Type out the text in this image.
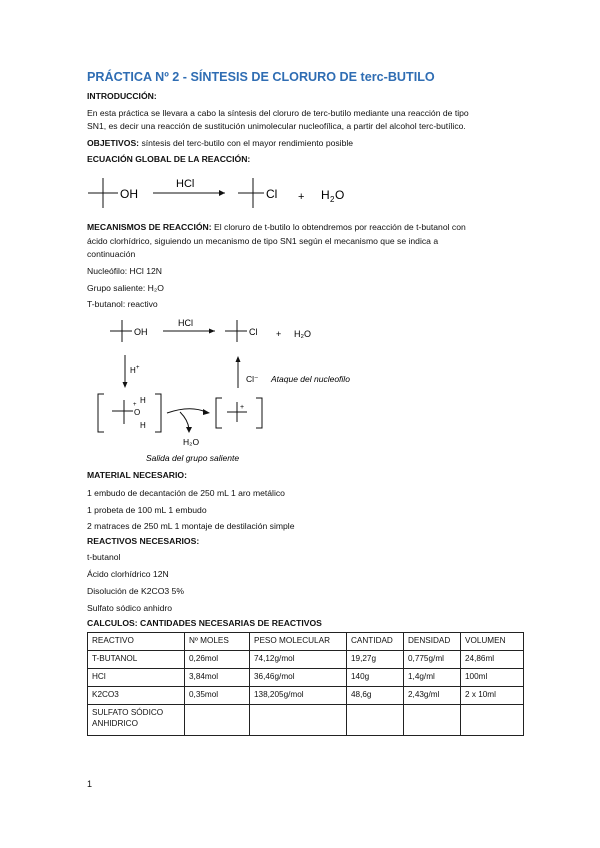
PRÁCTICA Nº 2 - SÍNTESIS DE CLORURO DE terc-BUTILO
INTRODUCCIÓN:
En esta práctica se llevara a cabo la síntesis del cloruro de terc-butilo mediante una reacción de tipo
SN1, es decir una reacción de sustitución unimolecular nucleofílica, a partir del alcohol terc-butílico.
OBJETIVOS: síntesis del terc-butilo con el mayor rendimiento posible
ECUACIÓN GLOBAL DE LA REACCIÓN:
OH
HCl
Cl + H 2 O
OH
HCl
Cl + H₂O
H +
Cl⁻ Ataque del nucleofilo
H
O
+
H
+
H₂O
Salida del grupo saliente
MECANISMOS DE REACCIÓN: El cloruro de t-butilo lo obtendremos por reacción de t-butanol con
ácido clorhídrico, siguiendo un mecanismo de tipo SN1 según el mecanismo que se indica a
continuación
Nucleófilo: HCl 12N
Grupo saliente: H₂O
T-butanol: reactivo
MATERIAL NECESARIO:
1 embudo de decantación de 250 mL 1 aro metálico
1 probeta de 100 mL 1 embudo
2 matraces de 250 mL 1 montaje de destilación simple
REACTIVOS NECESARIOS:
t-butanol
Ácido clorhídrico 12N
Disolución de K2CO3 5%
Sulfato sódico anhidro
CALCULOS: CANTIDADES NECESARIAS DE REACTIVOS
REACTIVO	Nº MOLES	PESO MOLECULAR	CANTIDAD	DENSIDAD	VOLUMEN
T-BUTANOL	0,26mol	74,12g/mol	19,27g	0,775g/ml	24,86ml
HCl	3,84mol	36,46g/mol	140g	1,4g/ml	100ml
K2CO3	0,35mol	138,205g/mol	48,6g	2,43g/ml	2 x 10ml
SULFATO SÓDICO ANHIDRICO					
1
